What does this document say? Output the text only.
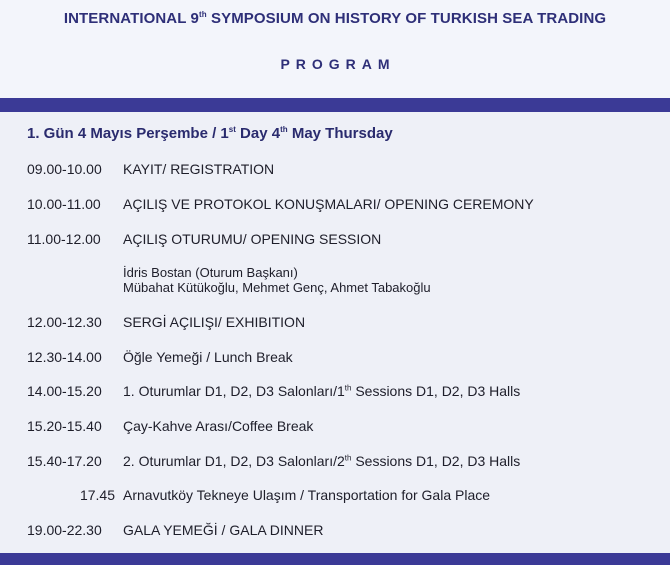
INTERNATIONAL 9th SYMPOSIUM ON HISTORY OF TURKISH SEA TRADING
PROGRAM
1. Gün 4 Mayıs Perşembe / 1st Day 4th May Thursday
09.00-10.00 KAYIT/ REGISTRATION
10.00-11.00 AÇILIŞ VE PROTOKOL KONUŞMALARI/ OPENING CEREMONY
11.00-12.00 AÇILIŞ OTURUMU/ OPENING SESSION
İdris Bostan (Oturum Başkanı)
Mübahat Kütükoğlu, Mehmet Genç, Ahmet Tabakoğlu
12.00-12.30 SERGİ AÇILIŞI/ EXHIBITION
12.30-14.00 Öğle Yemeği / Lunch Break
14.00-15.20 1. Oturumlar D1, D2, D3 Salonları/1th Sessions D1, D2, D3 Halls
15.20-15.40 Çay-Kahve Arası/Coffee Break
15.40-17.20 2. Oturumlar D1, D2, D3 Salonları/2th Sessions D1, D2, D3 Halls
17.45 Arnavutköy Tekneye Ulaşım / Transportation for Gala Place
19.00-22.30 GALA YEMEĞİ / GALA DINNER
